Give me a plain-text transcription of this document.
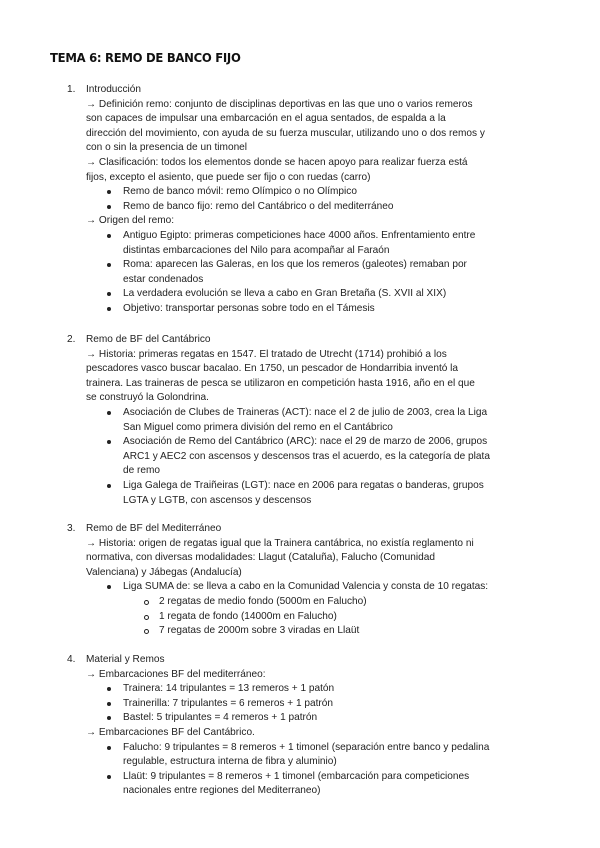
TEMA 6: REMO DE BANCO FIJO
1. Introducción
→ Definición remo: conjunto de disciplinas deportivas en las que uno o varios remeros
son capaces de impulsar una embarcación en el agua sentados, de espalda a la
dirección del movimiento, con ayuda de su fuerza muscular, utilizando uno o dos remos y
con o sin la presencia de un timonel
→ Clasificación: todos los elementos donde se hacen apoyo para realizar fuerza está
fijos, excepto el asiento, que puede ser fijo o con ruedas (carro)
Remo de banco móvil: remo Olímpico o no Olímpico
Remo de banco fijo: remo del Cantábrico o del mediterráneo
→ Origen del remo:
Antiguo Egipto: primeras competiciones hace 4000 años. Enfrentamiento entre
distintas embarcaciones del Nilo para acompañar al Faraón
Roma: aparecen las Galeras, en los que los remeros (galeotes) remaban por
estar condenados
La verdadera evolución se lleva a cabo en Gran Bretaña (S. XVII al XIX)
Objetivo: transportar personas sobre todo en el Támesis
2. Remo de BF del Cantábrico
→ Historia: primeras regatas en 1547. El tratado de Utrecht (1714) prohibió a los
pescadores vasco buscar bacalao. En 1750, un pescador de Hondarribia inventó la
trainera. Las traineras de pesca se utilizaron en competición hasta 1916, año en el que
se construyó la Golondrina.
Asociación de Clubes de Traineras (ACT): nace el 2 de julio de 2003, crea la Liga
San Miguel como primera división del remo en el Cantábrico
Asociación de Remo del Cantábrico (ARC): nace el 29 de marzo de 2006, grupos
ARC1 y AEC2 con ascensos y descensos tras el acuerdo, es la categoría de plata
de remo
Liga Galega de Traiñeiras (LGT): nace en 2006 para regatas o banderas, grupos
LGTA y LGTB, con ascensos y descensos
3. Remo de BF del Mediterráneo
→ Historia: origen de regatas igual que la Trainera cantábrica, no existía reglamento ni
normativa, con diversas modalidades: Llagut (Cataluña), Falucho (Comunidad
Valenciana) y Jábegas (Andalucía)
Liga SUMA de: se lleva a cabo en la Comunidad Valencia y consta de 10 regatas:
2 regatas de medio fondo (5000m en Falucho)
1 regata de fondo (14000m en Falucho)
7 regatas de 2000m sobre 3 viradas en Llaüt
4. Material y Remos
→ Embarcaciones BF del mediterráneo:
Trainera: 14 tripulantes = 13 remeros + 1 patón
Trainerilla: 7 tripulantes = 6 remeros + 1 patrón
Bastel: 5 tripulantes = 4 remeros + 1 patrón
→ Embarcaciones BF del Cantábrico.
Falucho: 9 tripulantes = 8 remeros + 1 timonel (separación entre banco y pedalina
regulable, estructura interna de fibra y aluminio)
Llaüt: 9 tripulantes = 8 remeros + 1 timonel (embarcación para competiciones
nacionales entre regiones del Mediterraneo)
